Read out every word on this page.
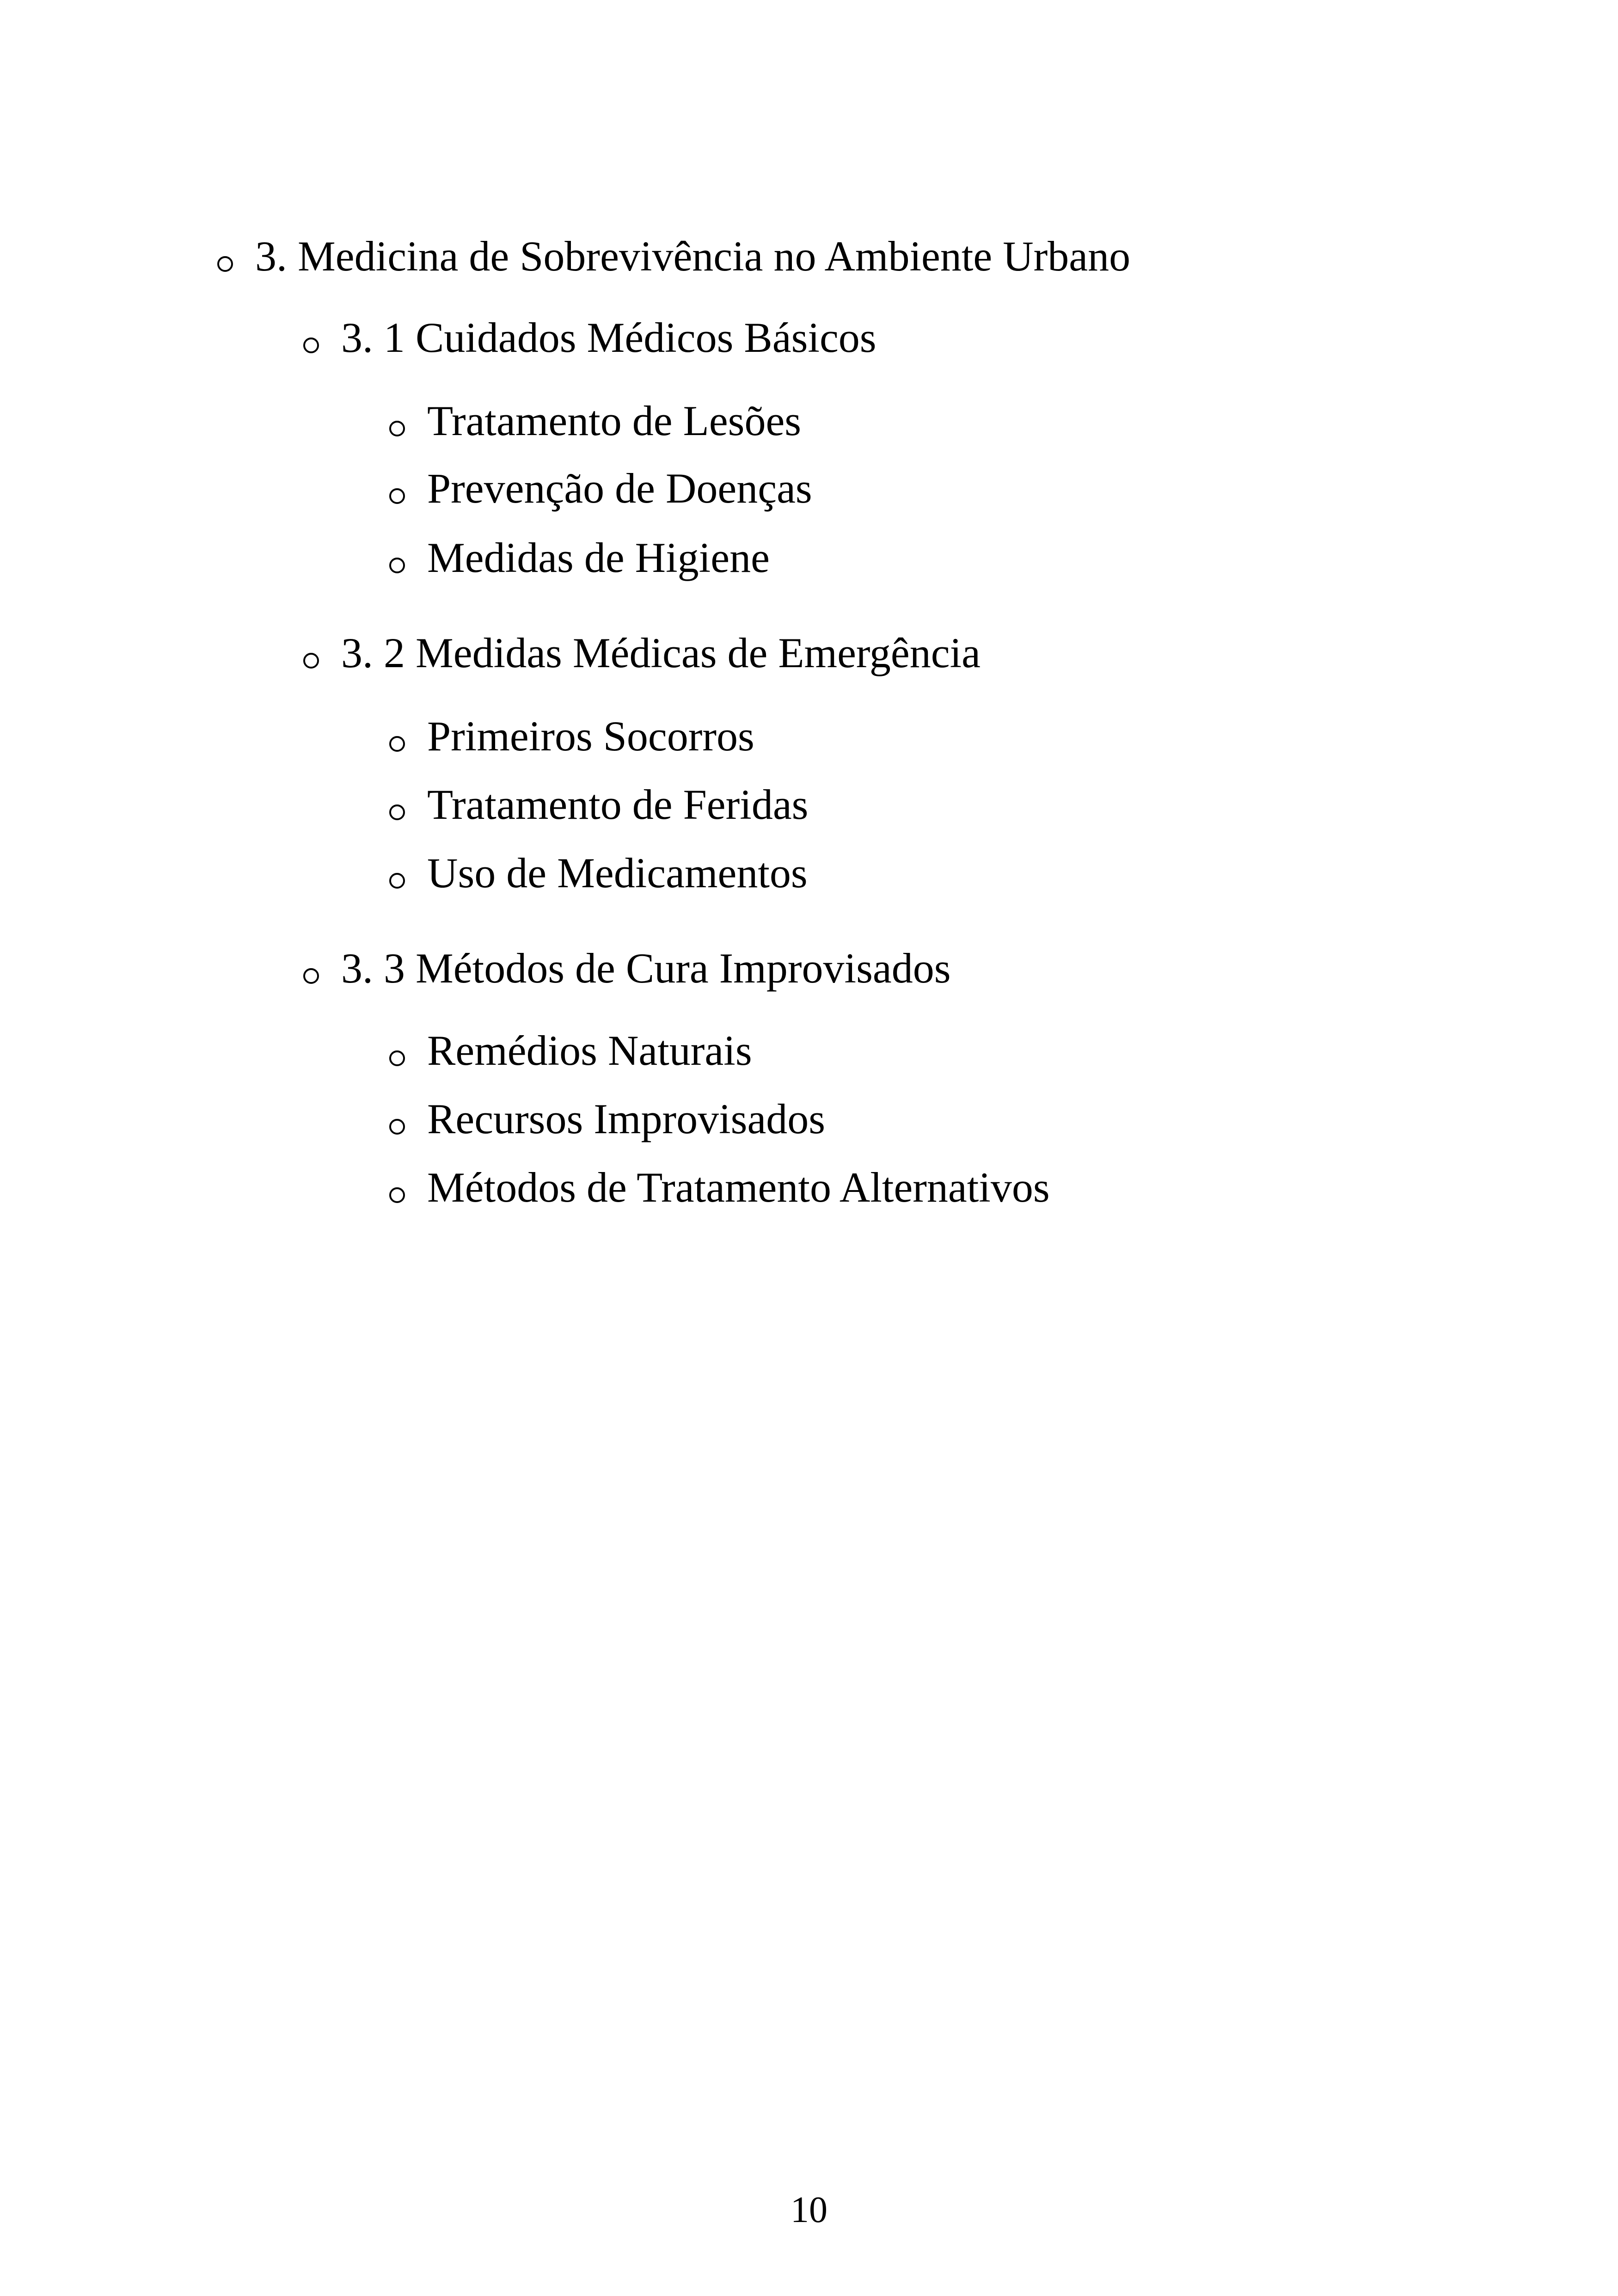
3. Medicina de Sobrevivência no Ambiente Urbano
3. 1 Cuidados Médicos Básicos
Tratamento de Lesões
Prevenção de Doenças
Medidas de Higiene
3. 2 Medidas Médicas de Emergência
Primeiros Socorros
Tratamento de Feridas
Uso de Medicamentos
3. 3 Métodos de Cura Improvisados
Remédios Naturais
Recursos Improvisados
Métodos de Tratamento Alternativos
10
